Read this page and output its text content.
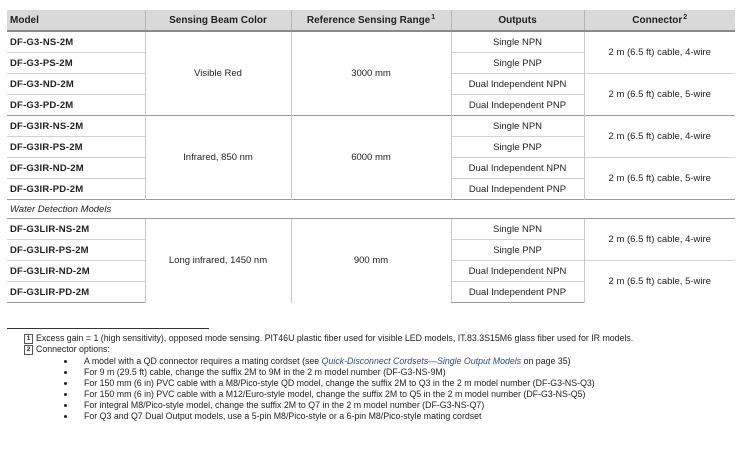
Model	Sensing Beam Color	Reference Sensing Range$^1$	Outputs	Connector$^2$
DF-G3-NS-2M	Visible Red	3000 mm	Single NPN	2 m (6.5 ft) cable, 4-wire
DF-G3-PS-2M			Single PNP	
DF-G3-ND-2M			Dual Independent NPN	2 m (6.5 ft) cable, 5-wire
DF-G3-PD-2M			Dual Independent PNP	
DF-G3IR-NS-2M	Infrared, 850 nm	6000 mm	Single NPN	2 m (6.5 ft) cable, 4-wire
DF-G3IR-PS-2M			Single PNP	
DF-G3IR-ND-2M			Dual Independent NPN	2 m (6.5 ft) cable, 5-wire
DF-G3IR-PD-2M			Dual Independent PNP	
Water Detection Models				
DF-G3LIR-NS-2M	Long infrared, 1450 nm	900 mm	Single NPN	2 m (6.5 ft) cable, 4-wire
DF-G3LIR-PS-2M			Single PNP	
DF-G3LIR-ND-2M			Dual Independent NPN	2 m (6.5 ft) cable, 5-wire
DF-G3LIR-PD-2M			Dual Independent PNP	
1 Excess gain = 1 (high sensitivity), opposed mode sensing. PIT46U plastic fiber used for visible LED models, IT.83.3S15M6 glass fiber used for IR models.
2 Connector options:
A model with a QD connector requires a mating cordset (see Quick-Disconnect Cordsets—Single Output Models on page 35)
For 9 m (29.5 ft) cable, change the suffix 2M to 9M in the 2 m model number (DF-G3-NS-9M)
For 150 mm (6 in) PVC cable with a M8/Pico-style QD model, change the suffix 2M to Q3 in the 2 m model number (DF-G3-NS-Q3)
For 150 mm (6 in) PVC cable with a M12/Euro-style model, change the suffix 2M to Q5 in the 2 m model number (DF-G3-NS-Q5)
For integral M8/Pico-style model, change the suffix 2M to Q7 in the 2 m model number (DF-G3-NS-Q7)
For Q3 and Q7 Dual Output models, use a 5-pin M8/Pico-style or a 6-pin M8/Pico-style mating cordset
